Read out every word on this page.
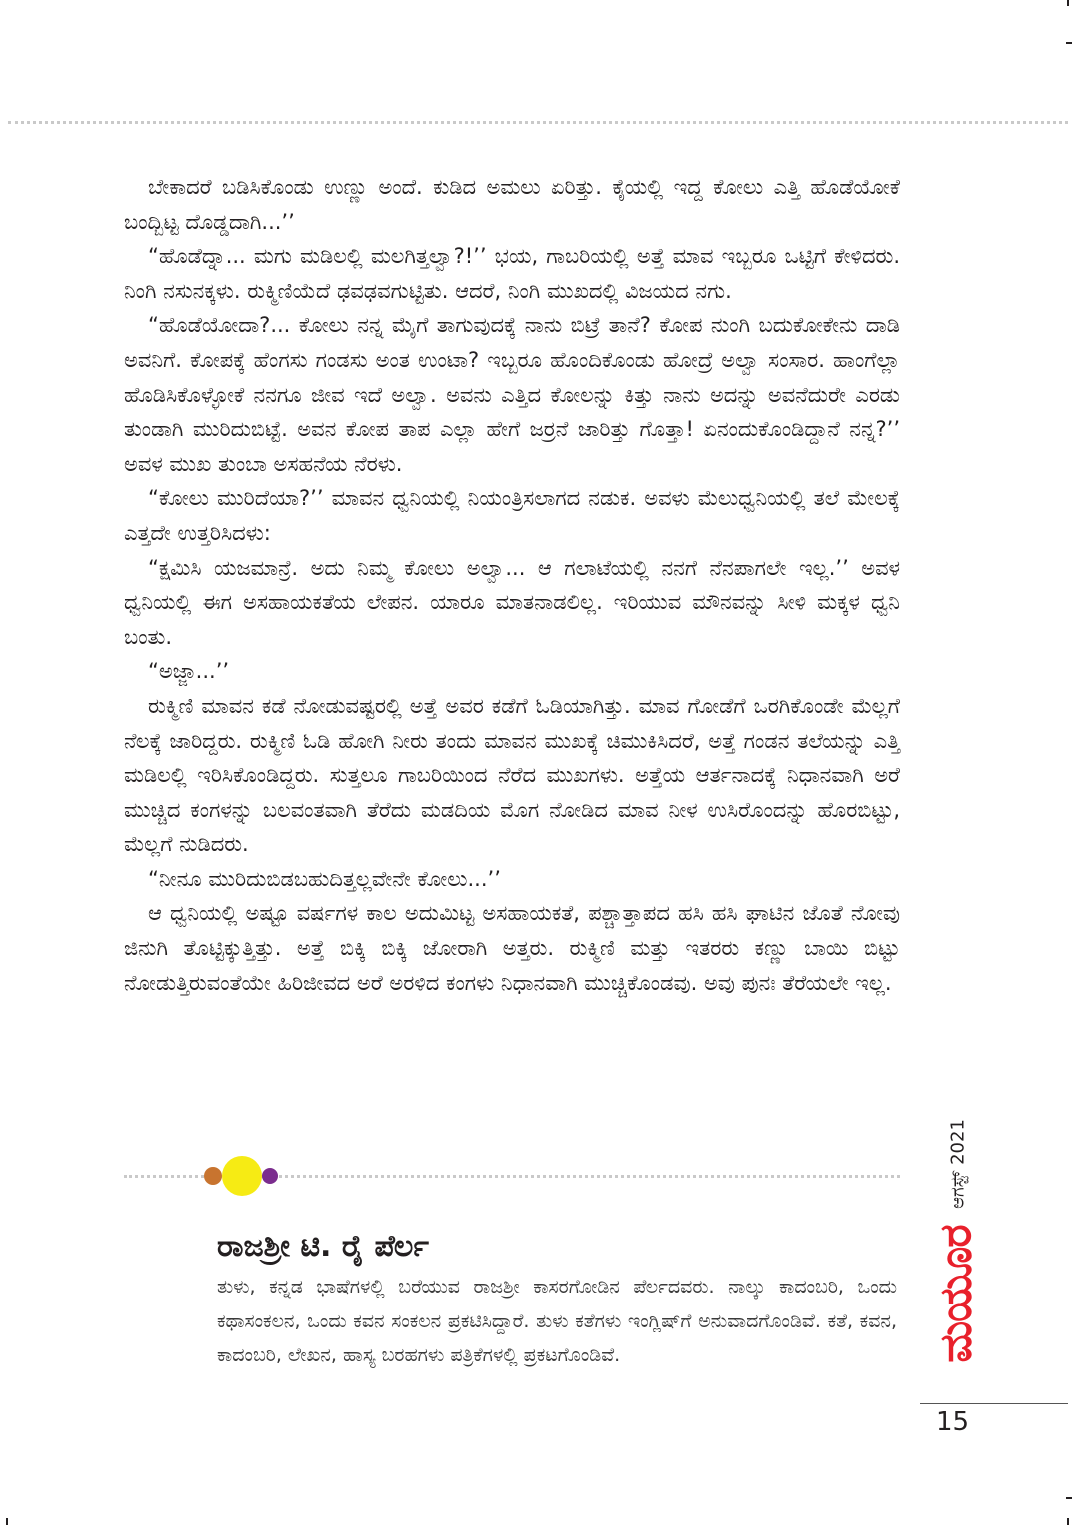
ಬೇಕಾದರೆ ಬಡಿಸಿಕೊಂಡು ಉಣ್ಣು ಅಂದೆ. ಕುಡಿದ ಅಮಲು ಏರಿತ್ತು. ಕೈಯಲ್ಲಿ ಇದ್ದ ಕೋಲು ಎತ್ತಿ ಹೊಡೆಯೋಕೆ ಬಂದ್ಬಿಟ್ಟ ದೊಡ್ಡದಾಗಿ...’’

“ಹೊಡೆದ್ನಾ... ಮಗು ಮಡಿಲಲ್ಲಿ ಮಲಗಿತ್ತಲ್ವಾ?!’’ ಭಯ, ಗಾಬರಿಯಲ್ಲಿ ಅತ್ತೆ ಮಾವ ಇಬ್ಬರೂ ಒಟ್ಟಿಗೆ ಕೇಳಿದರು. ನಿಂಗಿ ನಸುನಕ್ಕಳು. ರುಕ್ಮಿಣಿಯೆದೆ ಢವಢವಗುಟ್ಟಿತು. ಆದರೆ, ನಿಂಗಿ ಮುಖದಲ್ಲಿ ವಿಜಯದ ನಗು.

“ಹೊಡೆಯೋದಾ?... ಕೋಲು ನನ್ನ ಮೈಗೆ ತಾಗುವುದಕ್ಕೆ ನಾನು ಬಿಟ್ರೆ ತಾನೆ? ಕೋಪ ನುಂಗಿ ಬದುಕೋಕೇನು ದಾಡಿ ಅವನಿಗೆ. ಕೋಪಕ್ಕೆ ಹೆಂಗಸು ಗಂಡಸು ಅಂತ ಉಂಟಾ? ಇಬ್ಬರೂ ಹೊಂದಿಕೊಂಡು ಹೋದ್ರೆ ಅಲ್ವಾ ಸಂಸಾರ. ಹಾಂಗೆಲ್ಲಾ ಹೊಡಿಸಿಕೊಳ್ಳೋಕೆ ನನಗೂ ಜೀವ ಇದೆ ಅಲ್ವಾ. ಅವನು ಎತ್ತಿದ ಕೋಲನ್ನು ಕಿತ್ತು ನಾನು ಅದನ್ನು ಅವನೆದುರೇ ಎರಡು ತುಂಡಾಗಿ ಮುರಿದುಬಿಟ್ಟೆ. ಅವನ ಕೋಪ ತಾಪ ಎಲ್ಲಾ ಹೇಗೆ ಜರ್ರನೆ ಜಾರಿತ್ತು ಗೊತ್ತಾ! ಏನಂದುಕೊಂಡಿದ್ದಾನೆ ನನ್ನ?’’ ಅವಳ ಮುಖ ತುಂಬಾ ಅಸಹನೆಯ ನೆರಳು.

“ಕೋಲು ಮುರಿದೆಯಾ?’’ ಮಾವನ ಧ್ವನಿಯಲ್ಲಿ ನಿಯಂತ್ರಿಸಲಾಗದ ನಡುಕ. ಅವಳು ಮೆಲುಧ್ವನಿಯಲ್ಲಿ ತಲೆ ಮೇಲಕ್ಕೆ ಎತ್ತದೇ ಉತ್ತರಿಸಿದಳು:

“ಕ್ಷಮಿಸಿ ಯಜಮಾನ್ರೆ. ಅದು ನಿಮ್ಮ ಕೋಲು ಅಲ್ವಾ... ಆ ಗಲಾಟೆಯಲ್ಲಿ ನನಗೆ ನೆನಪಾಗಲೇ ಇಲ್ಲ.’’ ಅವಳ ಧ್ವನಿಯಲ್ಲಿ ಈಗ ಅಸಹಾಯಕತೆಯ ಲೇಪನ. ಯಾರೂ ಮಾತನಾಡಲಿಲ್ಲ. ಇರಿಯುವ ಮೌನವನ್ನು ಸೀಳಿ ಮಕ್ಕಳ ಧ್ವನಿ ಬಂತು.

“ಅಜ್ಜಾ...’’

ರುಕ್ಮಿಣಿ ಮಾವನ ಕಡೆ ನೋಡುವಷ್ಟರಲ್ಲಿ ಅತ್ತೆ ಅವರ ಕಡೆಗೆ ಓಡಿಯಾಗಿತ್ತು. ಮಾವ ಗೋಡೆಗೆ ಒರಗಿಕೊಂಡೇ ಮೆಲ್ಲಗೆ ನೆಲಕ್ಕೆ ಜಾರಿದ್ದರು. ರುಕ್ಮಿಣಿ ಓಡಿ ಹೋಗಿ ನೀರು ತಂದು ಮಾವನ ಮುಖಕ್ಕೆ ಚಿಮುಕಿಸಿದರೆ, ಅತ್ತೆ ಗಂಡನ ತಲೆಯನ್ನು ಎತ್ತಿ ಮಡಿಲಲ್ಲಿ ಇರಿಸಿಕೊಂಡಿದ್ದರು. ಸುತ್ತಲೂ ಗಾಬರಿಯಿಂದ ನೆರೆದ ಮುಖಗಳು. ಅತ್ತೆಯ ಆರ್ತನಾದಕ್ಕೆ ನಿಧಾನವಾಗಿ ಅರೆ ಮುಚ್ಚಿದ ಕಂಗಳನ್ನು ಬಲವಂತವಾಗಿ ತೆರೆದು ಮಡದಿಯ ಮೊಗ ನೋಡಿದ ಮಾವ ನೀಳ ಉಸಿರೊಂದನ್ನು ಹೊರಬಿಟ್ಟು, ಮೆಲ್ಲಗೆ ನುಡಿದರು.

“ನೀನೂ ಮುರಿದುಬಿಡಬಹುದಿತ್ತಲ್ಲವೇನೇ ಕೋಲು...’’

ಆ ಧ್ವನಿಯಲ್ಲಿ ಅಷ್ಟೂ ವರ್ಷಗಳ ಕಾಲ ಅದುಮಿಟ್ಟ ಅಸಹಾಯಕತೆ, ಪಶ್ಚಾತ್ತಾಪದ ಹಸಿ ಹಸಿ ಘಾಟಿನ ಜೊತೆ ನೋವು ಜಿನುಗಿ ತೊಟ್ಟಿಕ್ಕುತ್ತಿತ್ತು. ಅತ್ತೆ ಬಿಕ್ಕಿ ಬಿಕ್ಕಿ ಜೋರಾಗಿ ಅತ್ತರು. ರುಕ್ಮಿಣಿ ಮತ್ತು ಇತರರು ಕಣ್ಣು ಬಾಯಿ ಬಿಟ್ಟು ನೋಡುತ್ತಿರುವಂತೆಯೇ ಹಿರಿಜೀವದ ಅರೆ ಅರಳಿದ ಕಂಗಳು ನಿಧಾನವಾಗಿ ಮುಚ್ಚಿಕೊಂಡವು. ಅವು ಪುನಃ ತೆರೆಯಲೇ ಇಲ್ಲ.

ರಾಜಶ್ರೀ ಟಿ. ರೈ ಪೆರ್ಲ

ತುಳು, ಕನ್ನಡ ಭಾಷೆಗಳಲ್ಲಿ ಬರೆಯುವ ರಾಜಶ್ರೀ ಕಾಸರಗೋಡಿನ ಪೆರ್ಲದವರು. ನಾಲ್ಕು ಕಾದಂಬರಿ, ಒಂದು ಕಥಾಸಂಕಲನ, ಒಂದು ಕವನ ಸಂಕಲನ ಪ್ರಕಟಿಸಿದ್ದಾರೆ. ತುಳು ಕತೆಗಳು ಇಂಗ್ಲಿಷ್‌ಗೆ ಅನುವಾದಗೊಂಡಿವೆ. ಕತೆ, ಕವನ, ಕಾದಂಬರಿ, ಲೇಖನ, ಹಾಸ್ಯ ಬರಹಗಳು ಪತ್ರಿಕೆಗಳಲ್ಲಿ ಪ್ರಕಟಗೊಂಡಿವೆ.

ಆಗಸ್ಟ್ 2021
ಮಯೂರ
15
